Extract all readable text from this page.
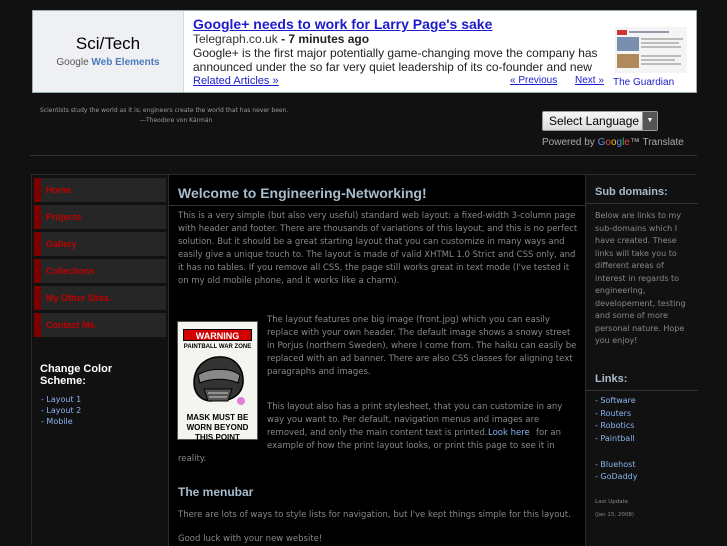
Sci/Tech
Google Web Elements
Google+ needs to work for Larry Page's sake
Telegraph.co.uk - 7 minutes ago
Google+ is the first major potentially game-changing move the company has announced under the so far very quiet leadership of its co-founder and new
Related Articles »	« Previous Next » The Guardian
Scientists study the world as it is; engineers create the world that has never been.
—Theodore von Kármán	Select Language	▼
Powered by Google™ Translate
Home
Projects
Gallery
Collections
My Other Sites.
Contact Me.
Change Color Scheme:
- Layout 1
- Layout 2
- Mobile
Welcome to Engineering-Networking!
This is a very simple (but also very useful) standard web layout: a fixed-width 3-column page with header and footer. There are thousands of variations of this layout, and this is no perfect solution. But it should be a great starting layout that you can customize in many ways and easily give a unique touch to. The layout is made of valid XHTML 1.0 Strict and CSS only, and it has no tables. If you remove all CSS, the page still works great in text mode (I've tested it on my old mobile phone, and it works like a charm).
WARNING
PAINTBALL WAR ZONE
MASK MUST BE WORN BEYOND THIS POINT
The layout features one big image (front.jpg) which you can easily replace with your own header. The default image shows a snowy street in Porjus (northern Sweden), where I come from. The haiku can easily be replaced with an ad banner. There are also CSS classes for aligning text paragraphs and images.
This layout also has a print stylesheet, that you can customize in any way you want to. Per default, navigation menus and images are removed, and only the main content text is printed. Look here for an
example of how the print layout looks, or print this page to see it in
reality.
The menubar
There are lots of ways to style lists for navigation, but I've kept things simple for this layout.
Good luck with your new website!
Sub domains:
Below are links to my sub-domains which I have created. These links will take you to different areas of interest in regards to engineering, developement, testing and some of more personal nature. Hope you enjoy!
Links:
- Software
- Routers
- Robotics
- Paintball
- Bluehost
- GoDaddy
Last Update
(Jan 15, 2008)
